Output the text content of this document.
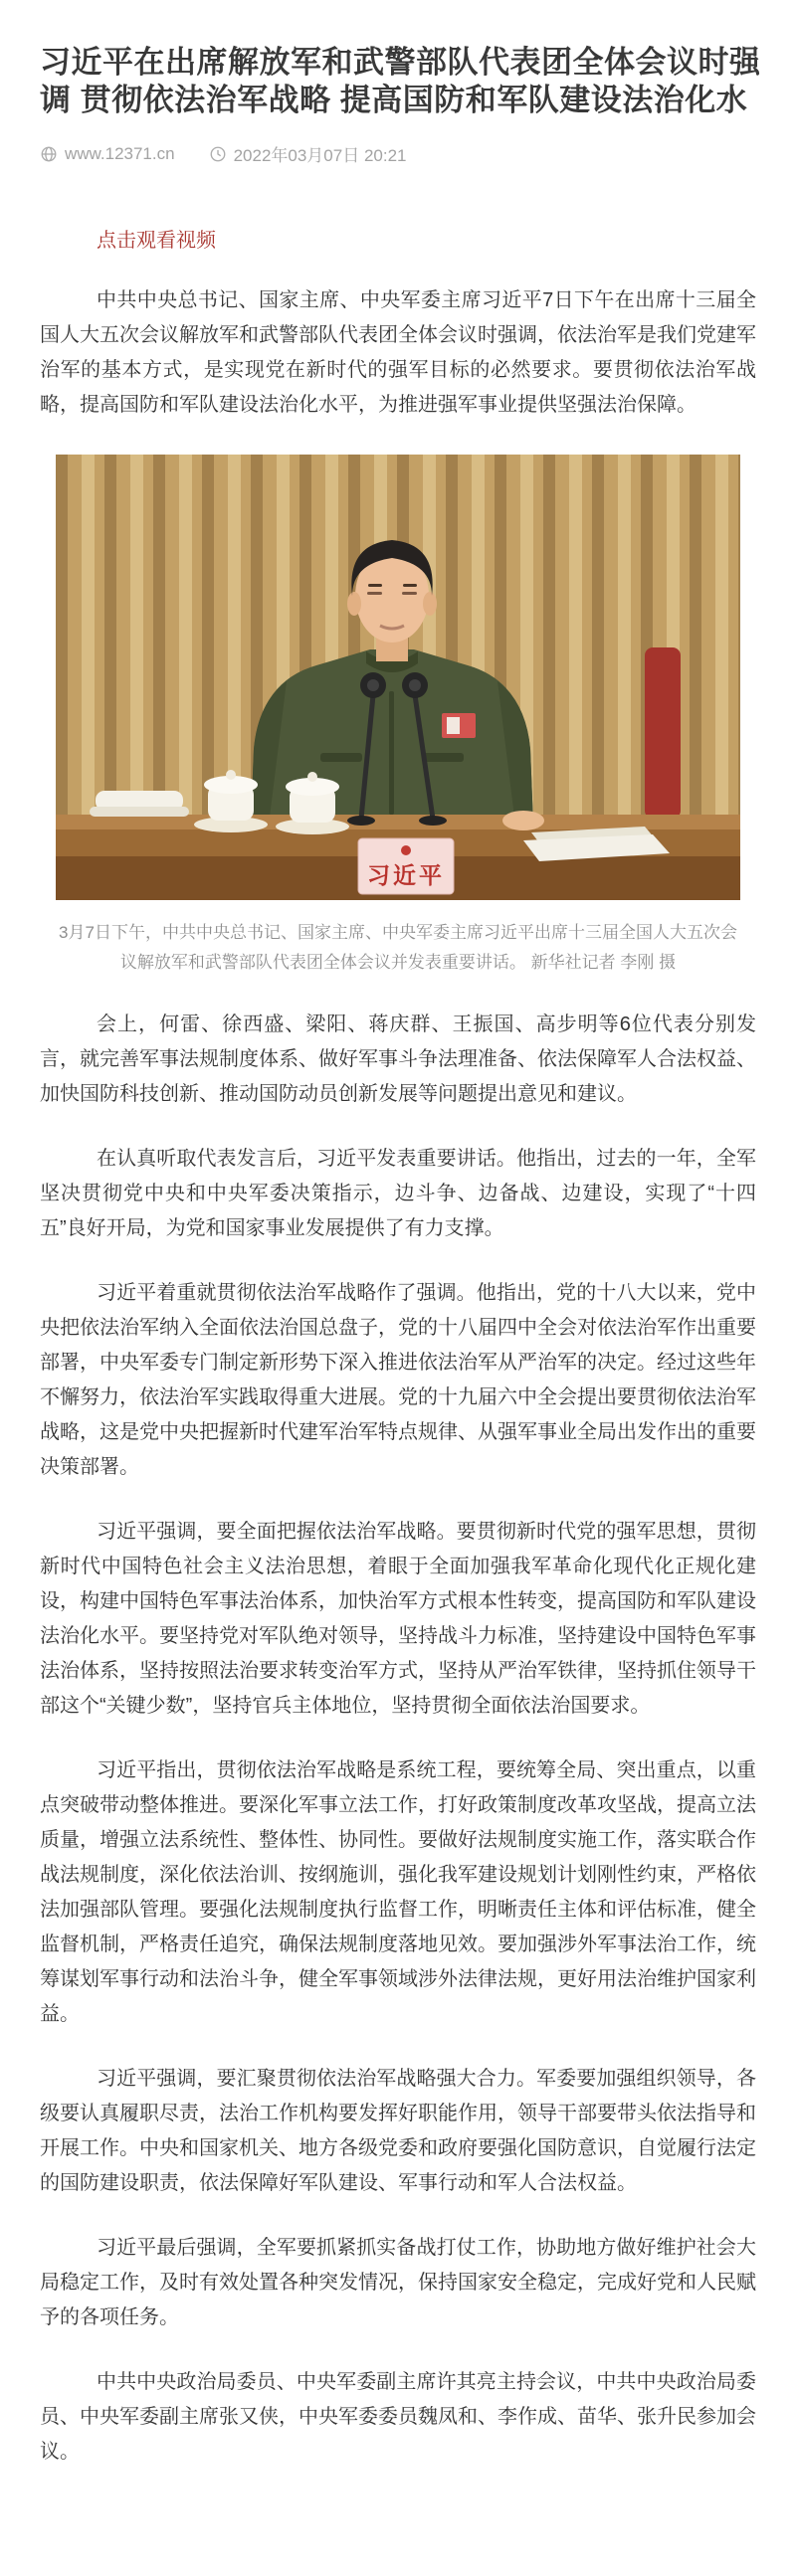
习近平在出席解放军和武警部队代表团全体会议时强
调 贯彻依法治军战略 提高国防和军队建设法治化水
www.12371.cn	2022年03月07日 20:21
点击观看视频

中共中央总书记、国家主席、中央军委主席习近平7日下午在出席十三届全国人大五次会议解放军和武警部队代表团全体会议时强调，依法治军是我们党建军治军的基本方式，是实现党在新时代的强军目标的必然要求。要贯彻依法治军战略，提高国防和军队建设法治化水平，为推进强军事业提供坚强法治保障。

习近平
3月7日下午，中共中央总书记、国家主席、中央军委主席习近平出席十三届全国人大五次会议解放军和武警部队代表团全体会议并发表重要讲话。 新华社记者 李刚 摄

会上，何雷、徐西盛、梁阳、蒋庆群、王振国、高步明等6位代表分别发言，就完善军事法规制度体系、做好军事斗争法理准备、依法保障军人合法权益、加快国防科技创新、推动国防动员创新发展等问题提出意见和建议。

在认真听取代表发言后，习近平发表重要讲话。他指出，过去的一年，全军坚决贯彻党中央和中央军委决策指示，边斗争、边备战、边建设，实现了“十四五”良好开局，为党和国家事业发展提供了有力支撑。

习近平着重就贯彻依法治军战略作了强调。他指出，党的十八大以来，党中央把依法治军纳入全面依法治国总盘子，党的十八届四中全会对依法治军作出重要部署，中央军委专门制定新形势下深入推进依法治军从严治军的决定。经过这些年不懈努力，依法治军实践取得重大进展。党的十九届六中全会提出要贯彻依法治军战略，这是党中央把握新时代建军治军特点规律、从强军事业全局出发作出的重要决策部署。

习近平强调，要全面把握依法治军战略。要贯彻新时代党的强军思想，贯彻新时代中国特色社会主义法治思想，着眼于全面加强我军革命化现代化正规化建设，构建中国特色军事法治体系，加快治军方式根本性转变，提高国防和军队建设法治化水平。要坚持党对军队绝对领导，坚持战斗力标准，坚持建设中国特色军事法治体系，坚持按照法治要求转变治军方式，坚持从严治军铁律，坚持抓住领导干部这个“关键少数”，坚持官兵主体地位，坚持贯彻全面依法治国要求。

习近平指出，贯彻依法治军战略是系统工程，要统筹全局、突出重点，以重点突破带动整体推进。要深化军事立法工作，打好政策制度改革攻坚战，提高立法质量，增强立法系统性、整体性、协同性。要做好法规制度实施工作，落实联合作战法规制度，深化依法治训、按纲施训，强化我军建设规划计划刚性约束，严格依法加强部队管理。要强化法规制度执行监督工作，明晰责任主体和评估标准，健全监督机制，严格责任追究，确保法规制度落地见效。要加强涉外军事法治工作，统筹谋划军事行动和法治斗争，健全军事领域涉外法律法规，更好用法治维护国家利益。

习近平强调，要汇聚贯彻依法治军战略强大合力。军委要加强组织领导，各级要认真履职尽责，法治工作机构要发挥好职能作用，领导干部要带头依法指导和开展工作。中央和国家机关、地方各级党委和政府要强化国防意识，自觉履行法定的国防建设职责，依法保障好军队建设、军事行动和军人合法权益。

习近平最后强调，全军要抓紧抓实备战打仗工作，协助地方做好维护社会大局稳定工作，及时有效处置各种突发情况，保持国家安全稳定，完成好党和人民赋予的各项任务。

中共中央政治局委员、中央军委副主席许其亮主持会议，中共中央政治局委员、中央军委副主席张又侠，中央军委委员魏凤和、李作成、苗华、张升民参加会议。
